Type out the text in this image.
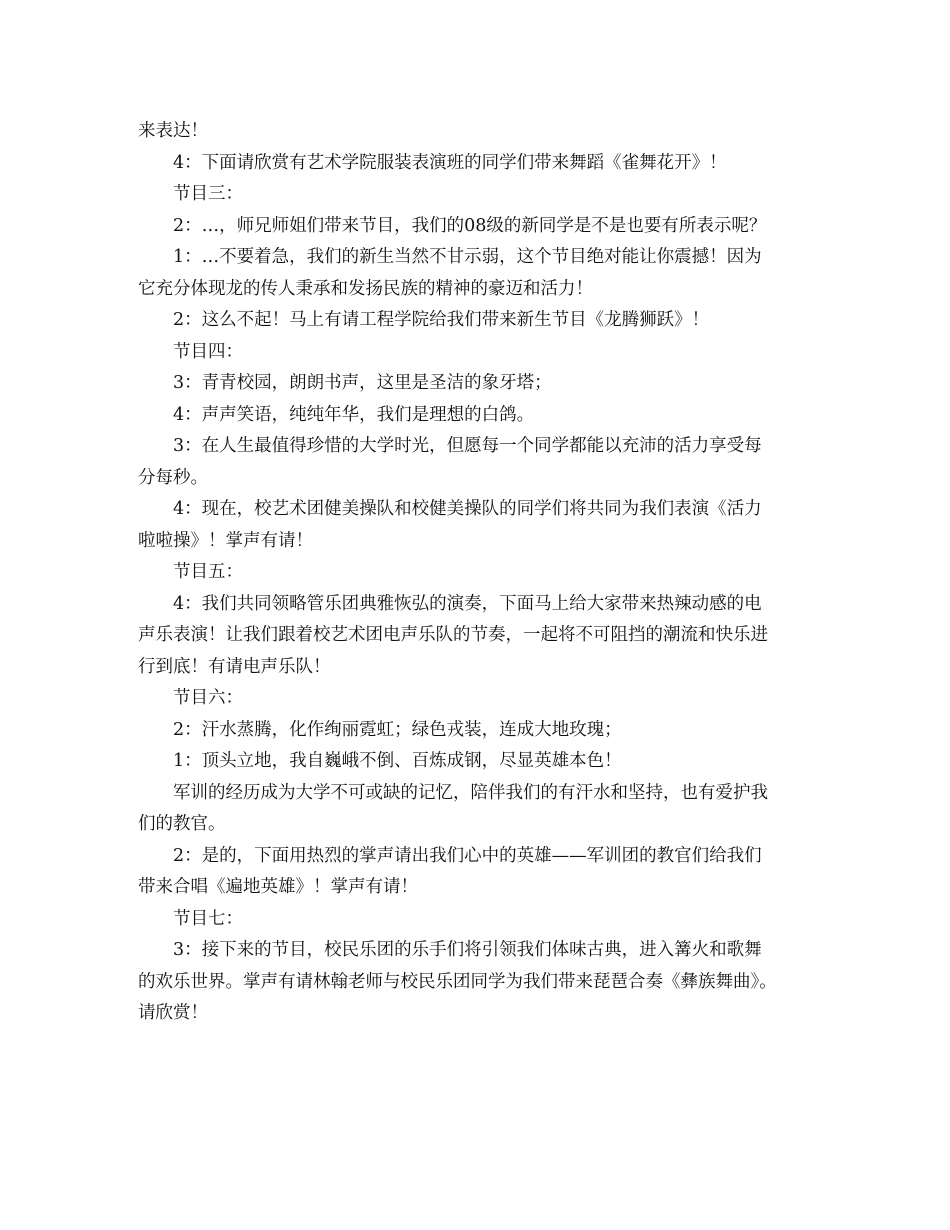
来表达！

4：下面请欣赏有艺术学院服装表演班的同学们带来舞蹈《雀舞花开》！

节目三：

2：…，师兄师姐们带来节目，我们的08级的新同学是不是也要有所表示呢？

1：…不要着急，我们的新生当然不甘示弱，这个节目绝对能让你震撼！因为

它充分体现龙的传人秉承和发扬民族的精神的豪迈和活力！

2：这么不起！马上有请工程学院给我们带来新生节目《龙腾狮跃》！

节目四：

3：青青校园，朗朗书声，这里是圣洁的象牙塔；

4：声声笑语，纯纯年华，我们是理想的白鸽。

3：在人生最值得珍惜的大学时光，但愿每一个同学都能以充沛的活力享受每

分每秒。

4：现在，校艺术团健美操队和校健美操队的同学们将共同为我们表演《活力

啦啦操》！掌声有请！

节目五：

4：我们共同领略管乐团典雅恢弘的演奏，下面马上给大家带来热辣动感的电

声乐表演！让我们跟着校艺术团电声乐队的节奏，一起将不可阻挡的潮流和快乐进

行到底！有请电声乐队！

节目六：

2：汗水蒸腾，化作绚丽霓虹；绿色戎装，连成大地玫瑰；

1：顶头立地，我自巍峨不倒、百炼成钢，尽显英雄本色！

军训的经历成为大学不可或缺的记忆，陪伴我们的有汗水和坚持，也有爱护我

们的教官。

2：是的，下面用热烈的掌声请出我们心中的英雄——军训团的教官们给我们

带来合唱《遍地英雄》！掌声有请！

节目七：

3：接下来的节目，校民乐团的乐手们将引领我们体味古典，进入篝火和歌舞

的欢乐世界。掌声有请林翰老师与校民乐团同学为我们带来琵琶合奏《彝族舞曲》。

请欣赏！
